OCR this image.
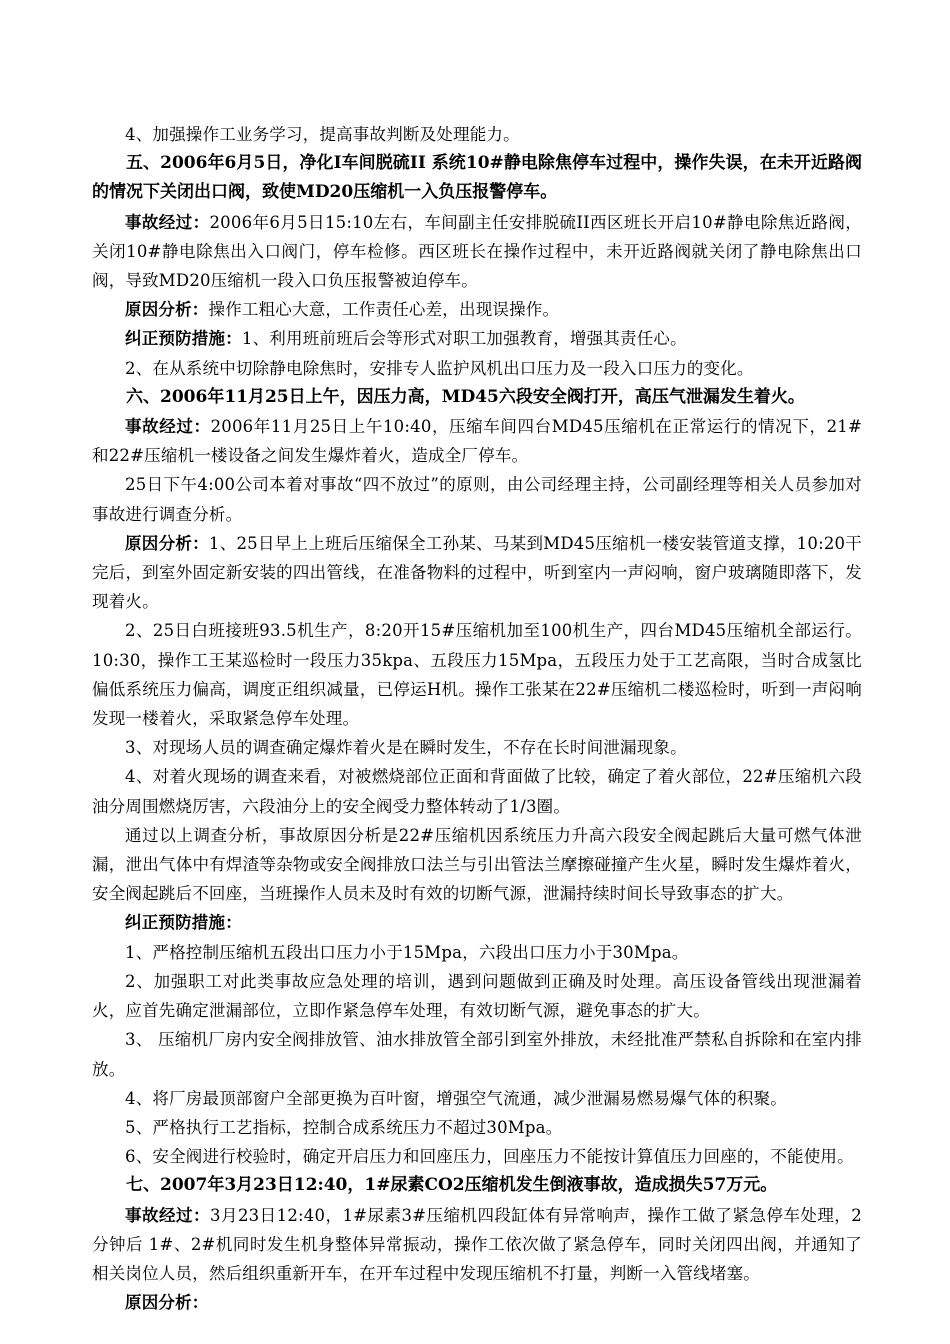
4、加强操作工业务学习，提高事故判断及处理能力。

五、2006年6月5日，净化Ⅰ车间脱硫II 系统10#静电除焦停车过程中，操作失误，在未开近路阀的情况下关闭出口阀，致使MD20压缩机一入负压报警停车。

事故经过：2006年6月5日15:10左右，车间副主任安排脱硫II西区班长开启10#静电除焦近路阀，关闭10#静电除焦出入口阀门，停车检修。西区班长在操作过程中，未开近路阀就关闭了静电除焦出口阀，导致MD20压缩机一段入口负压报警被迫停车。

原因分析：操作工粗心大意，工作责任心差，出现误操作。

纠正预防措施：1、利用班前班后会等形式对职工加强教育，增强其责任心。

2、在从系统中切除静电除焦时，安排专人监护风机出口压力及一段入口压力的变化。

六、2006年11月25日上午，因压力高，MD45六段安全阀打开，高压气泄漏发生着火。

事故经过：2006年11月25日上午10:40，压缩车间四台MD45压缩机在正常运行的情况下，21#和22#压缩机一楼设备之间发生爆炸着火，造成全厂停车。

25日下午4:00公司本着对事故“四不放过”的原则，由公司经理主持，公司副经理等相关人员参加对事故进行调查分析。

原因分析：1、25日早上上班后压缩保全工孙某、马某到MD45压缩机一楼安装管道支撑，10:20干完后，到室外固定新安装的四出管线，在准备物料的过程中，听到室内一声闷响，窗户玻璃随即落下，发现着火。

2、25日白班接班93.5机生产，8:20开15#压缩机加至100机生产，四台MD45压缩机全部运行。10:30，操作工王某巡检时一段压力35kpa、五段压力15Mpa，五段压力处于工艺高限，当时合成氢比偏低系统压力偏高，调度正组织减量，已停运H机。操作工张某在22#压缩机二楼巡检时，听到一声闷响发现一楼着火，采取紧急停车处理。

3、对现场人员的调查确定爆炸着火是在瞬时发生，不存在长时间泄漏现象。

4、对着火现场的调查来看，对被燃烧部位正面和背面做了比较，确定了着火部位，22#压缩机六段油分周围燃烧厉害，六段油分上的安全阀受力整体转动了1/3圈。

通过以上调查分析，事故原因分析是22#压缩机因系统压力升高六段安全阀起跳后大量可燃气体泄漏，泄出气体中有焊渣等杂物或安全阀排放口法兰与引出管法兰摩擦碰撞产生火星，瞬时发生爆炸着火，安全阀起跳后不回座，当班操作人员未及时有效的切断气源，泄漏持续时间长导致事态的扩大。

纠正预防措施：

1、严格控制压缩机五段出口压力小于15Mpa，六段出口压力小于30Mpa。

2、加强职工对此类事故应急处理的培训，遇到问题做到正确及时处理。高压设备管线出现泄漏着火，应首先确定泄漏部位，立即作紧急停车处理，有效切断气源，避免事态的扩大。

3、 压缩机厂房内安全阀排放管、油水排放管全部引到室外排放，未经批准严禁私自拆除和在室内排放。

4、将厂房最顶部窗户全部更换为百叶窗，增强空气流通，减少泄漏易燃易爆气体的积聚。

5、严格执行工艺指标，控制合成系统压力不超过30Mpa。

6、安全阀进行校验时，确定开启压力和回座压力，回座压力不能按计算值压力回座的，不能使用。

七、2007年3月23日12:40，1#尿素CO2压缩机发生倒液事故，造成损失57万元。

事故经过：3月23日12:40，1#尿素3#压缩机四段缸体有异常响声，操作工做了紧急停车处理，2分钟后 1#、2#机同时发生机身整体异常振动，操作工依次做了紧急停车，同时关闭四出阀，并通知了相关岗位人员，然后组织重新开车，在开车过程中发现压缩机不打量，判断一入管线堵塞。

原因分析：
